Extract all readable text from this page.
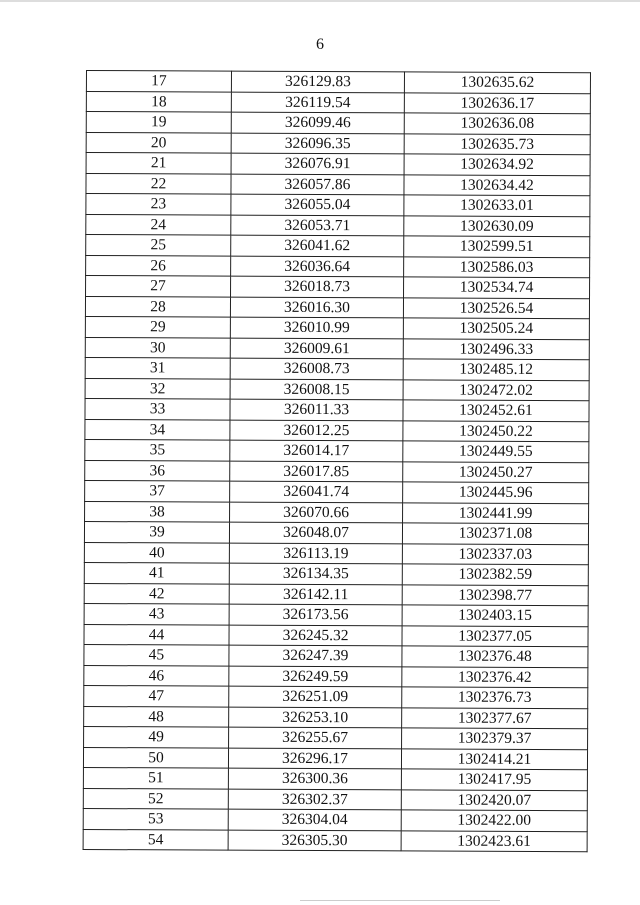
6
17	326129.83	1302635.62
18	326119.54	1302636.17
19	326099.46	1302636.08
20	326096.35	1302635.73
21	326076.91	1302634.92
22	326057.86	1302634.42
23	326055.04	1302633.01
24	326053.71	1302630.09
25	326041.62	1302599.51
26	326036.64	1302586.03
27	326018.73	1302534.74
28	326016.30	1302526.54
29	326010.99	1302505.24
30	326009.61	1302496.33
31	326008.73	1302485.12
32	326008.15	1302472.02
33	326011.33	1302452.61
34	326012.25	1302450.22
35	326014.17	1302449.55
36	326017.85	1302450.27
37	326041.74	1302445.96
38	326070.66	1302441.99
39	326048.07	1302371.08
40	326113.19	1302337.03
41	326134.35	1302382.59
42	326142.11	1302398.77
43	326173.56	1302403.15
44	326245.32	1302377.05
45	326247.39	1302376.48
46	326249.59	1302376.42
47	326251.09	1302376.73
48	326253.10	1302377.67
49	326255.67	1302379.37
50	326296.17	1302414.21
51	326300.36	1302417.95
52	326302.37	1302420.07
53	326304.04	1302422.00
54	326305.30	1302423.61
